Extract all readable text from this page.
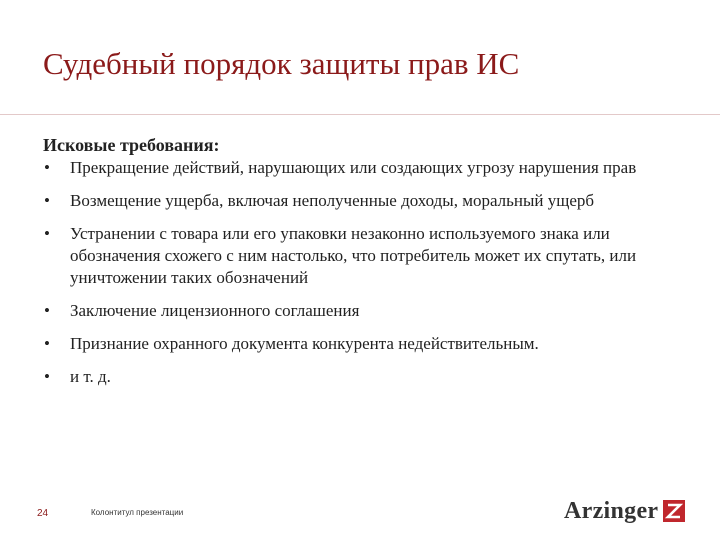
Судебный порядок защиты прав ИС
Исковые требования:
• Прекращение действий, нарушающих или создающих угрозу нарушения прав
• Возмещение ущерба, включая неполученные доходы, моральный ущерб
• Устранении с товара или его упаковки незаконно используемого знака или обозначения схожего с ним настолько, что потребитель может их спутать, или уничтожении таких обозначений
• Заключение лицензионного соглашения
• Признание охранного документа конкурента недействительным.
• и т. д.
24	Колонтитул презентации	Arzinger
